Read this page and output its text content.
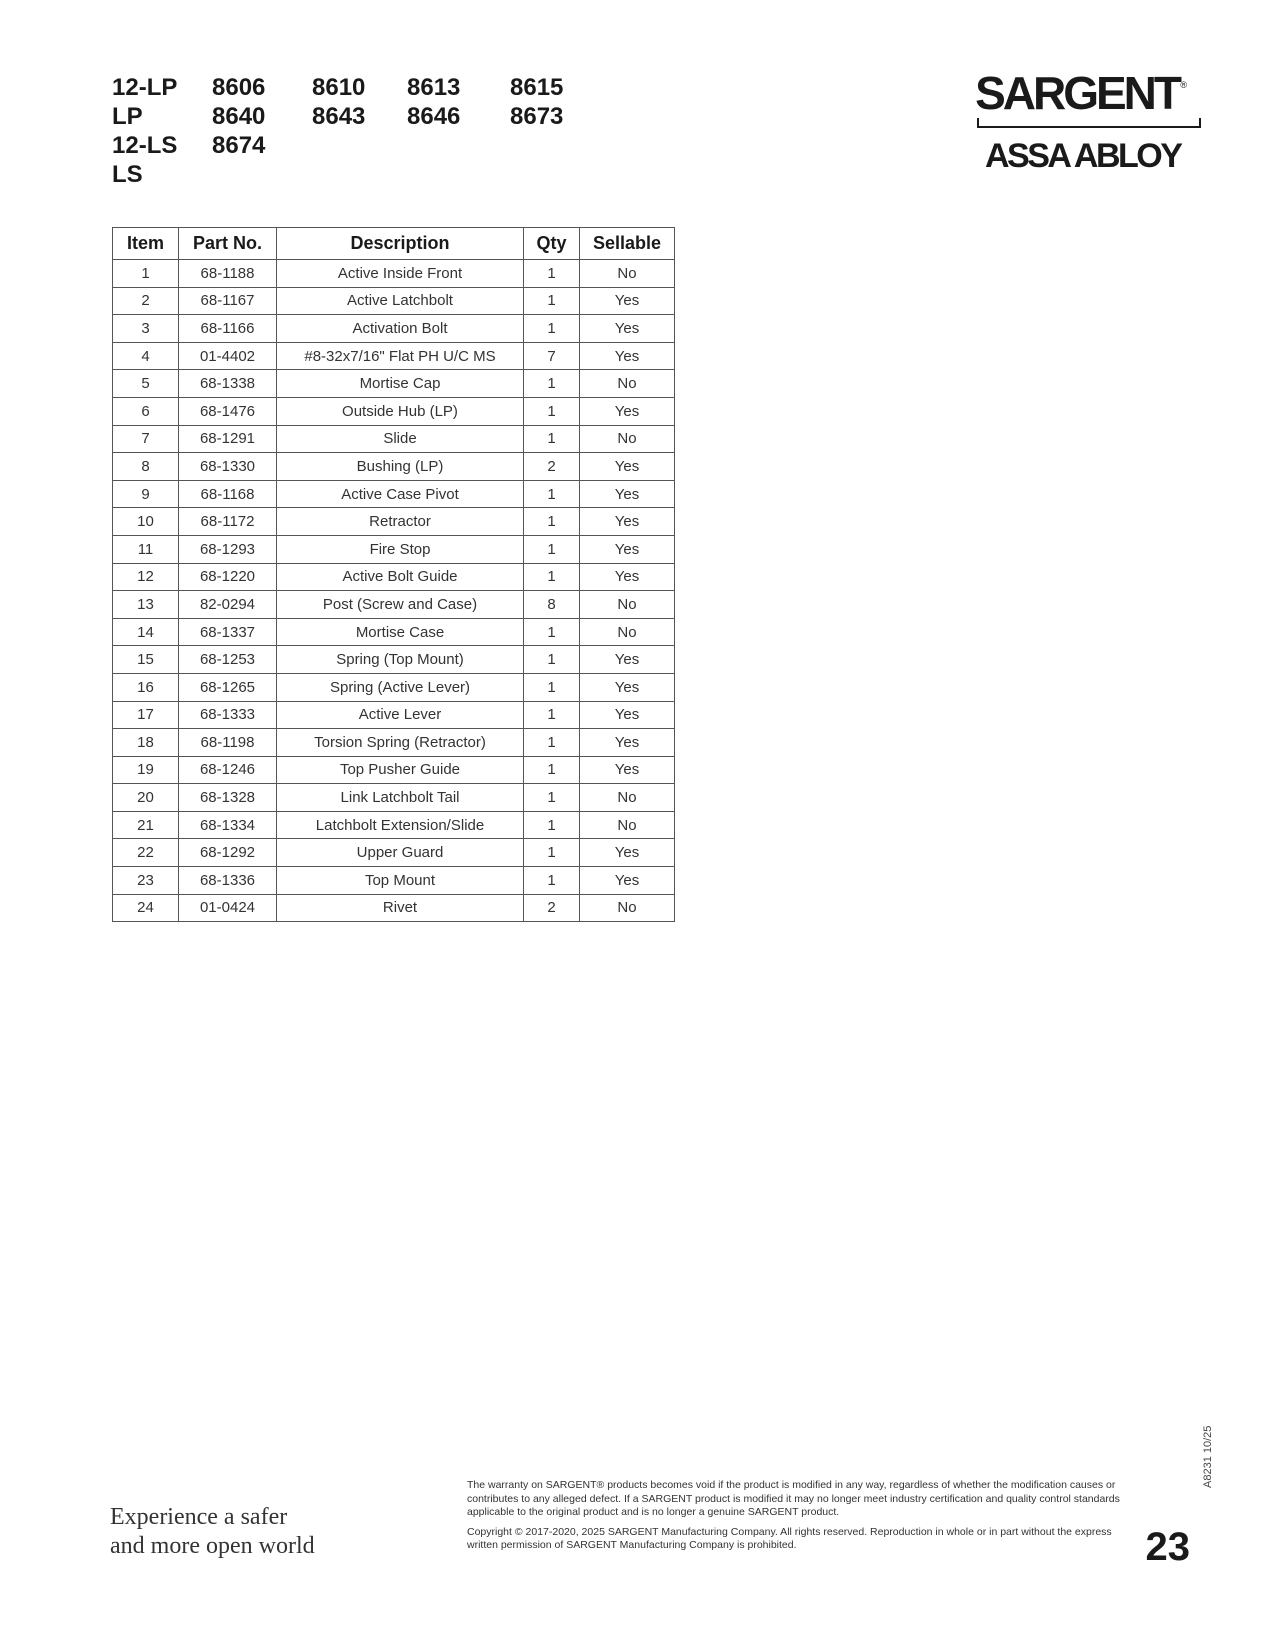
12-LP	8606	8610	8613	8615
LP	8640	8643	8646	8673
12-LS	8674
LS
SARGENT ®
ASSA ABLOY
Item	Part No.	Description	Qty	Sellable
1	68-1188	Active Inside Front	1	No
2	68-1167	Active Latchbolt	1	Yes
3	68-1166	Activation Bolt	1	Yes
4	01-4402	#8-32x7/16" Flat PH U/C MS	7	Yes
5	68-1338	Mortise Cap	1	No
6	68-1476	Outside Hub (LP)	1	Yes
7	68-1291	Slide	1	No
8	68-1330	Bushing (LP)	2	Yes
9	68-1168	Active Case Pivot	1	Yes
10	68-1172	Retractor	1	Yes
11	68-1293	Fire Stop	1	Yes
12	68-1220	Active Bolt Guide	1	Yes
13	82-0294	Post (Screw and Case)	8	No
14	68-1337	Mortise Case	1	No
15	68-1253	Spring (Top Mount)	1	Yes
16	68-1265	Spring (Active Lever)	1	Yes
17	68-1333	Active Lever	1	Yes
18	68-1198	Torsion Spring (Retractor)	1	Yes
19	68-1246	Top Pusher Guide	1	Yes
20	68-1328	Link Latchbolt Tail	1	No
21	68-1334	Latchbolt Extension/Slide	1	No
22	68-1292	Upper Guard	1	Yes
23	68-1336	Top Mount	1	Yes
24	01-0424	Rivet	2	No
Experience a safer
and more open world

The warranty on SARGENT® products becomes void if the product is modified in any way, regardless of whether the modification causes or contributes to any alleged defect. If a SARGENT product is modified it may no longer meet industry certification and quality control standards applicable to the original product and is no longer a genuine SARGENT product.

Copyright © 2017-2020, 2025 SARGENT Manufacturing Company. All rights reserved. Reproduction in whole or in part without the express written permission of SARGENT Manufacturing Company is prohibited.	23
A8231 10/25
